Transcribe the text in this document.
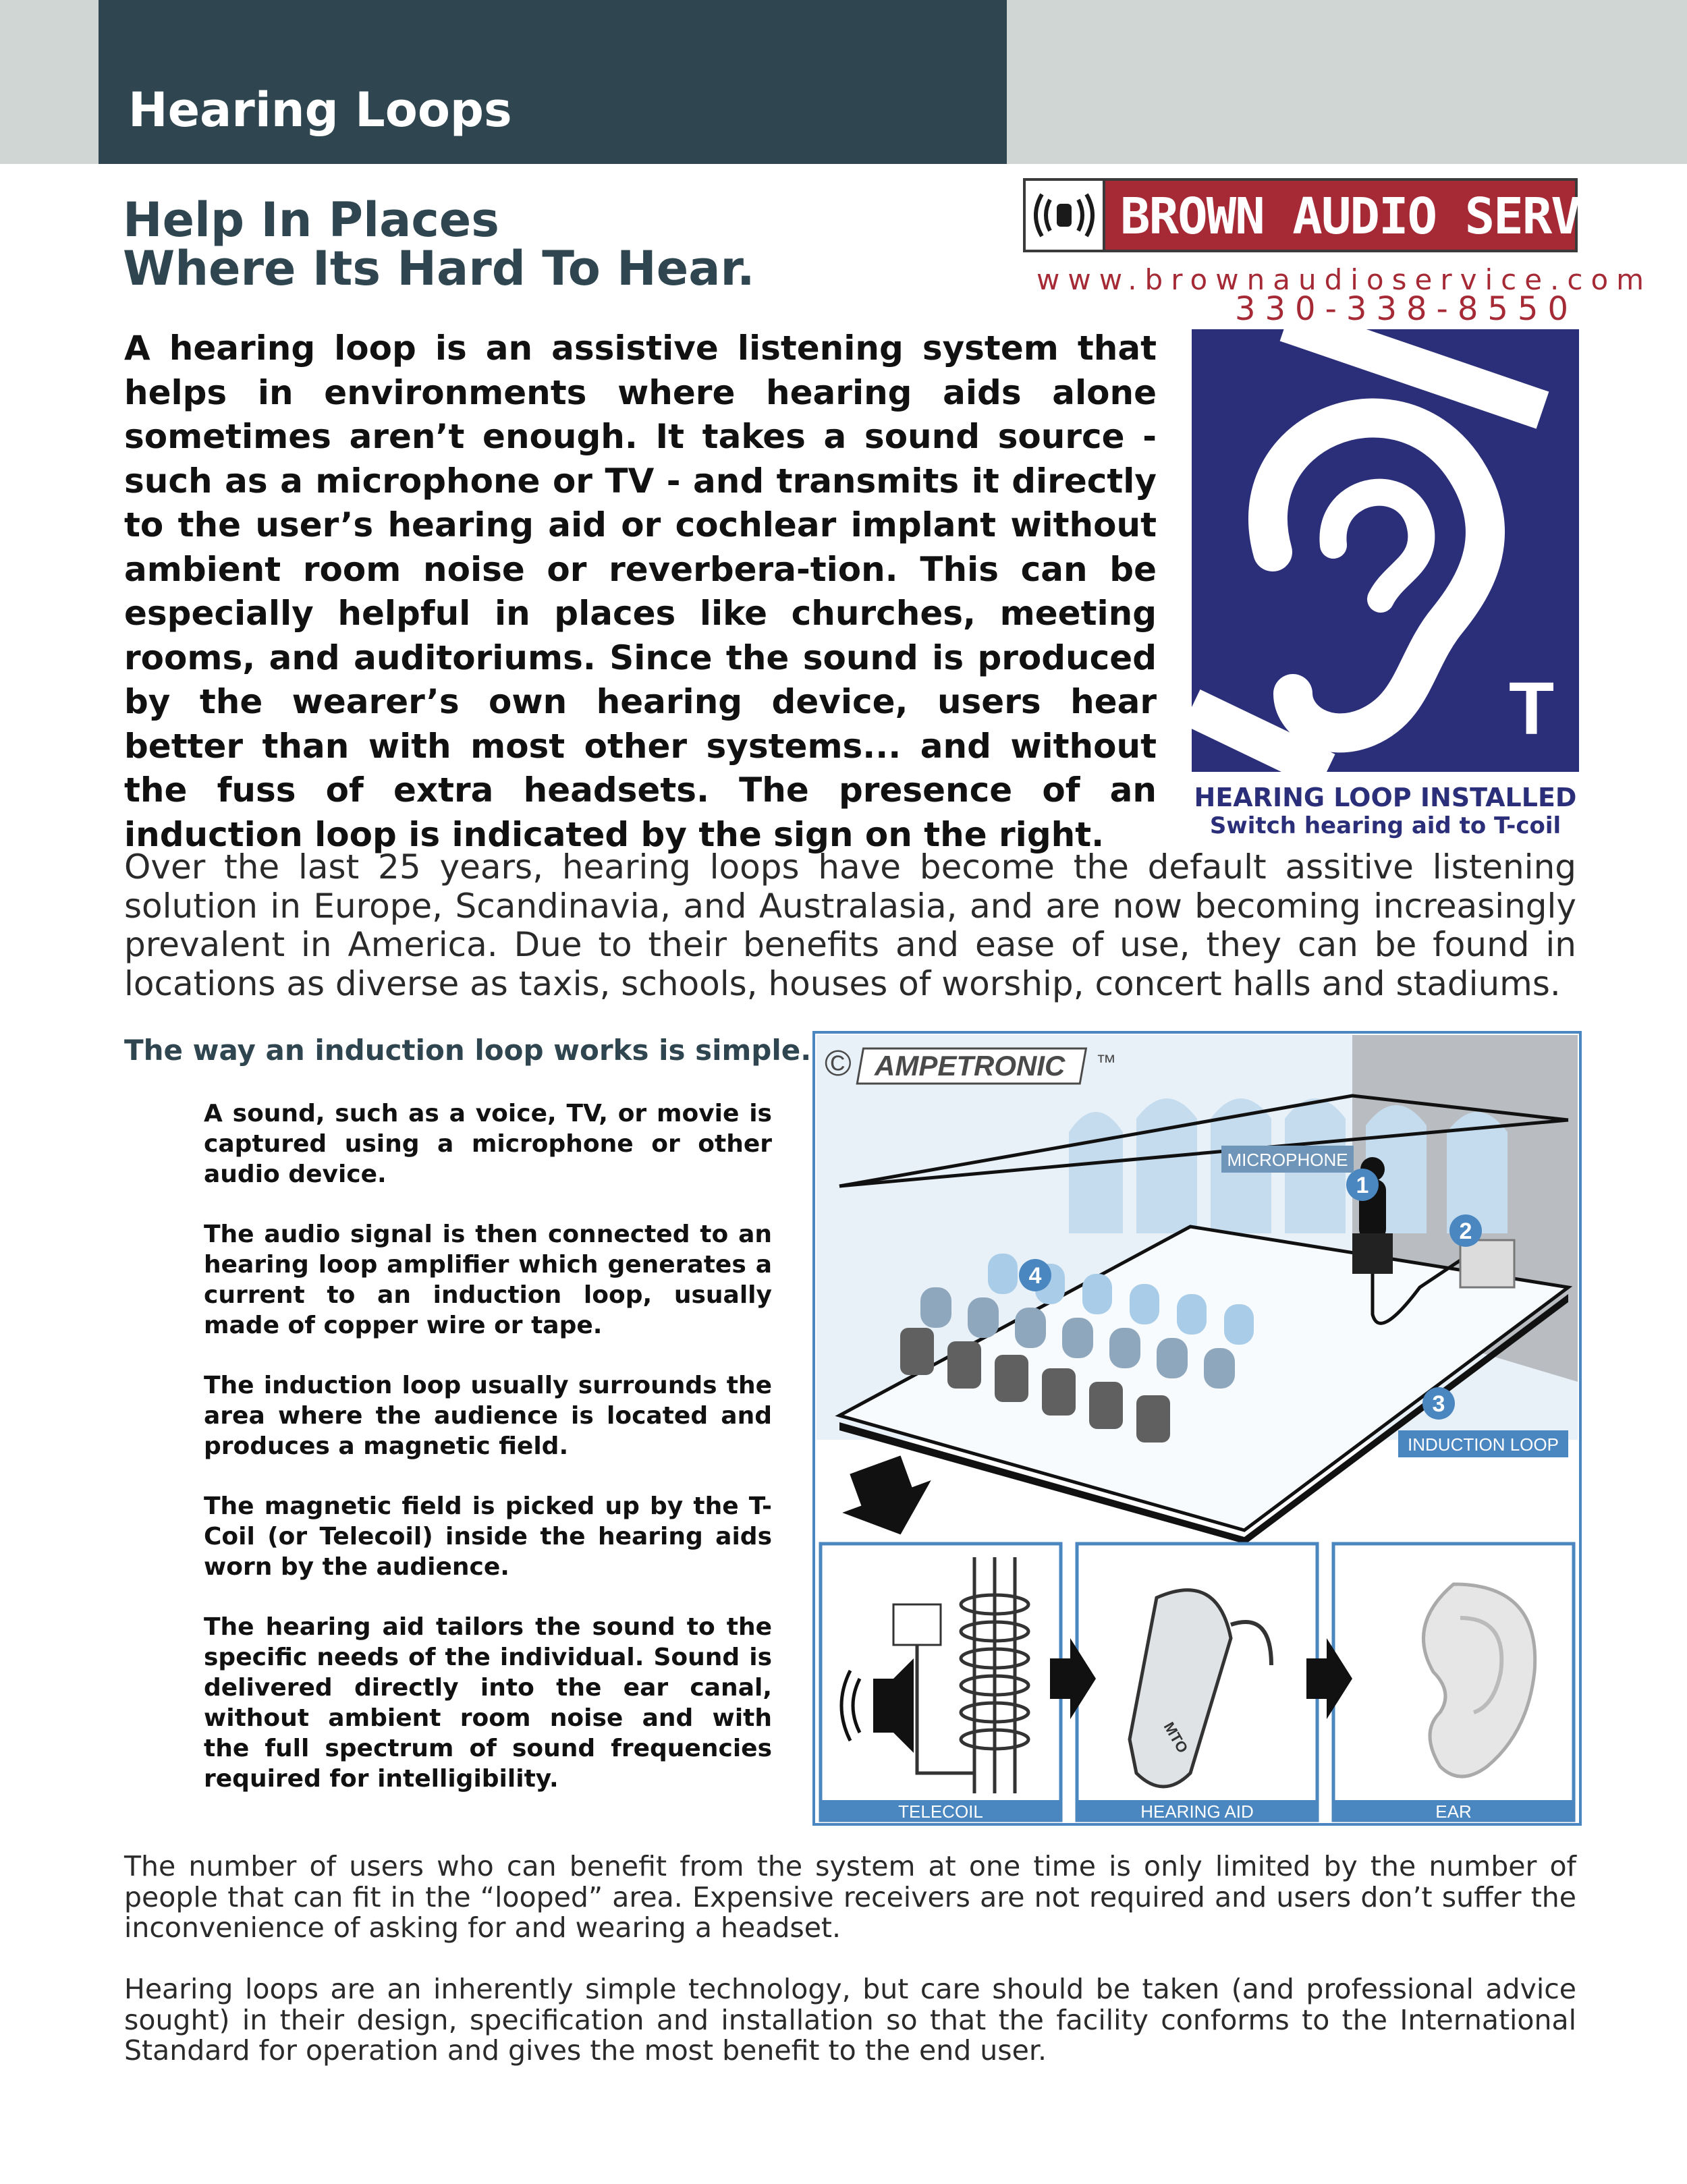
Hearing Loops
Help In Places
Where Its Hard To Hear.
BROWN AUDIO SERVICE
www.brownaudioservice.com
330-338-8550
A hearing loop is an assistive listening system that helps in environments where hearing aids alone sometimes aren’t enough. It takes a sound source - such as a microphone or TV - and transmits it directly to the user’s hearing aid or cochlear implant without ambient room noise or reverbera-tion. This can be especially helpful in places like churches, meeting rooms, and auditoriums. Since the sound is produced by the wearer’s own hearing device, users hear better than with most other systems... and without the fuss of extra headsets. The presence of an induction loop is indicated by the sign on the right.
T
HEARING LOOP INSTALLED
Switch hearing aid to T-coil
Over the last 25 years, hearing loops have become the default assitive listening solution in Europe, Scandinavia, and Australasia, and are now becoming increasingly prevalent in America. Due to their benefits and ease of use, they can be found in locations as diverse as taxis, schools, houses of worship, concert halls and stadiums.
The way an induction loop works is simple.

A sound, such as a voice, TV, or movie is captured using a microphone or other audio device.

The audio signal is then connected to an hearing loop amplifier which generates a current to an induction loop, usually made of copper wire or tape.

The induction loop usually surrounds the area where the audience is located and produces a magnetic field.

The magnetic field is picked up by the T-Coil (or Telecoil) inside the hearing aids worn by the audience.

The hearing aid tailors the sound to the specific needs of the individual. Sound is delivered directly into the ear canal, without ambient room noise and with the full spectrum of sound frequencies required for intelligibility.

1
2
3
4
MICROPHONE
INDUCTION LOOP
© AMPETRONIC ™
TELECOIL	HEARING AID	EAR
MTO
The number of users who can benefit from the system at one time is only limited by the number of people that can fit in the “looped” area. Expensive receivers are not required and users don’t suffer the inconvenience of asking for and wearing a headset.
Hearing loops are an inherently simple technology, but care should be taken (and professional advice sought) in their design, specification and installation so that the facility conforms to the International Standard for operation and gives the most benefit to the end user.
